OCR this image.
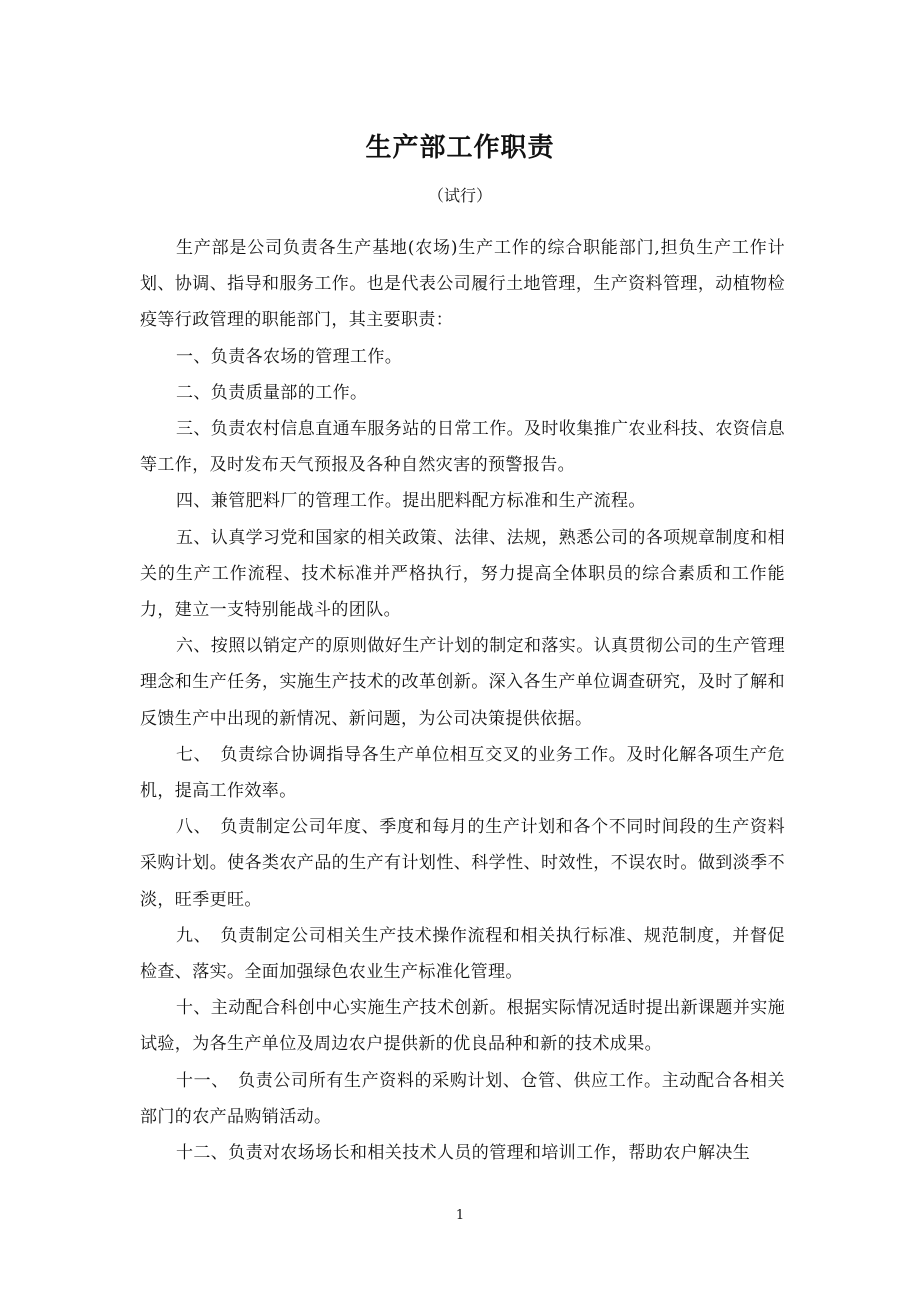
生产部工作职责
（试行）

生产部是公司负责各生产基地(农场)生产工作的综合职能部门,担负生产工作计划、协调、指导和服务工作。也是代表公司履行土地管理，生产资料管理，动植物检疫等行政管理的职能部门，其主要职责：

一、负责各农场的管理工作。

二、负责质量部的工作。

三、负责农村信息直通车服务站的日常工作。及时收集推广农业科技、农资信息等工作，及时发布天气预报及各种自然灾害的预警报告。

四、兼管肥料厂的管理工作。提出肥料配方标准和生产流程。

五、认真学习党和国家的相关政策、法律、法规，熟悉公司的各项规章制度和相关的生产工作流程、技术标准并严格执行，努力提高全体职员的综合素质和工作能力，建立一支特别能战斗的团队。

六、按照以销定产的原则做好生产计划的制定和落实。认真贯彻公司的生产管理理念和生产任务，实施生产技术的改革创新。深入各生产单位调查研究，及时了解和反馈生产中出现的新情况、新问题，为公司决策提供依据。

七、　负责综合协调指导各生产单位相互交叉的业务工作。及时化解各项生产危机，提高工作效率。

八、　负责制定公司年度、季度和每月的生产计划和各个不同时间段的生产资料采购计划。使各类农产品的生产有计划性、科学性、时效性，不误农时。做到淡季不淡，旺季更旺。

九、　负责制定公司相关生产技术操作流程和相关执行标准、规范制度，并督促检查、落实。全面加强绿色农业生产标准化管理。

十、主动配合科创中心实施生产技术创新。根据实际情况适时提出新课题并实施试验，为各生产单位及周边农户提供新的优良品种和新的技术成果。

十一、　负责公司所有生产资料的采购计划、仓管、供应工作。主动配合各相关部门的农产品购销活动。

十二、负责对农场场长和相关技术人员的管理和培训工作，帮助农户解决生

1
